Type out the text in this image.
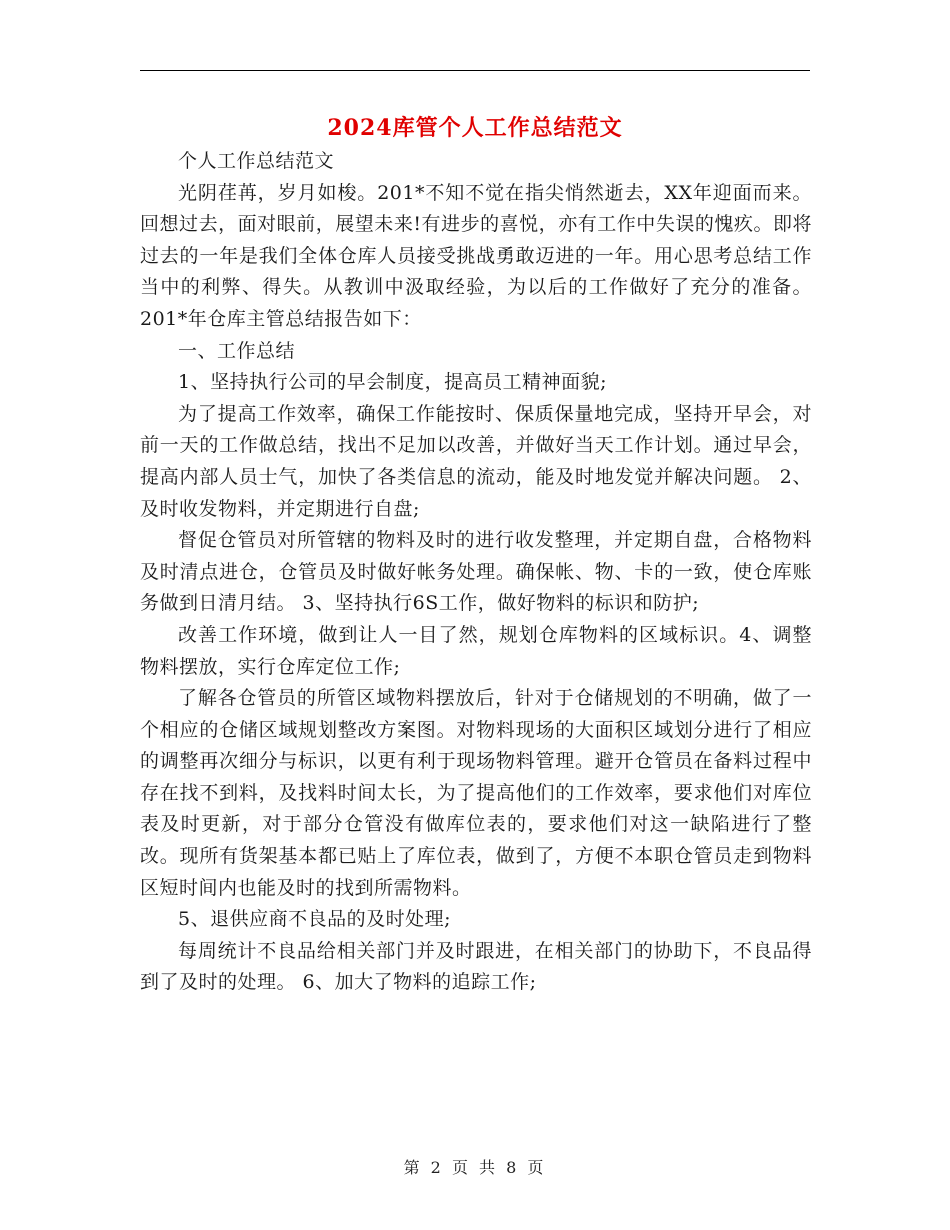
2024库管个人工作总结范文

个人工作总结范文

光阴荏苒，岁月如梭。201*不知不觉在指尖悄然逝去，XX年迎面而来。回想过去，面对眼前，展望未来!有进步的喜悦，亦有工作中失误的愧疚。即将过去的一年是我们全体仓库人员接受挑战勇敢迈进的一年。用心思考总结工作当中的利弊、得失。从教训中汲取经验，为以后的工作做好了充分的准备。201*年仓库主管总结报告如下：

一、工作总结

1、坚持执行公司的早会制度，提高员工精神面貌;

为了提高工作效率，确保工作能按时、保质保量地完成，坚持开早会，对前一天的工作做总结，找出不足加以改善，并做好当天工作计划。通过早会，提高内部人员士气，加快了各类信息的流动，能及时地发觉并解决问题。 2、及时收发物料，并定期进行自盘;

督促仓管员对所管辖的物料及时的进行收发整理，并定期自盘，合格物料及时清点进仓，仓管员及时做好帐务处理。确保帐、物、卡的一致，使仓库账务做到日清月结。 3、坚持执行6S工作，做好物料的标识和防护;

改善工作环境，做到让人一目了然，规划仓库物料的区域标识。4、调整物料摆放，实行仓库定位工作;

了解各仓管员的所管区域物料摆放后，针对于仓储规划的不明确，做了一个相应的仓储区域规划整改方案图。对物料现场的大面积区域划分进行了相应的调整再次细分与标识，以更有利于现场物料管理。避开仓管员在备料过程中存在找不到料，及找料时间太长，为了提高他们的工作效率，要求他们对库位表及时更新，对于部分仓管没有做库位表的，要求他们对这一缺陷进行了整改。现所有货架基本都已贴上了库位表，做到了，方便不本职仓管员走到物料区短时间内也能及时的找到所需物料。

5、退供应商不良品的及时处理;

每周统计不良品给相关部门并及时跟进，在相关部门的协助下，不良品得到了及时的处理。 6、加大了物料的追踪工作;

第 2 页 共 8 页
